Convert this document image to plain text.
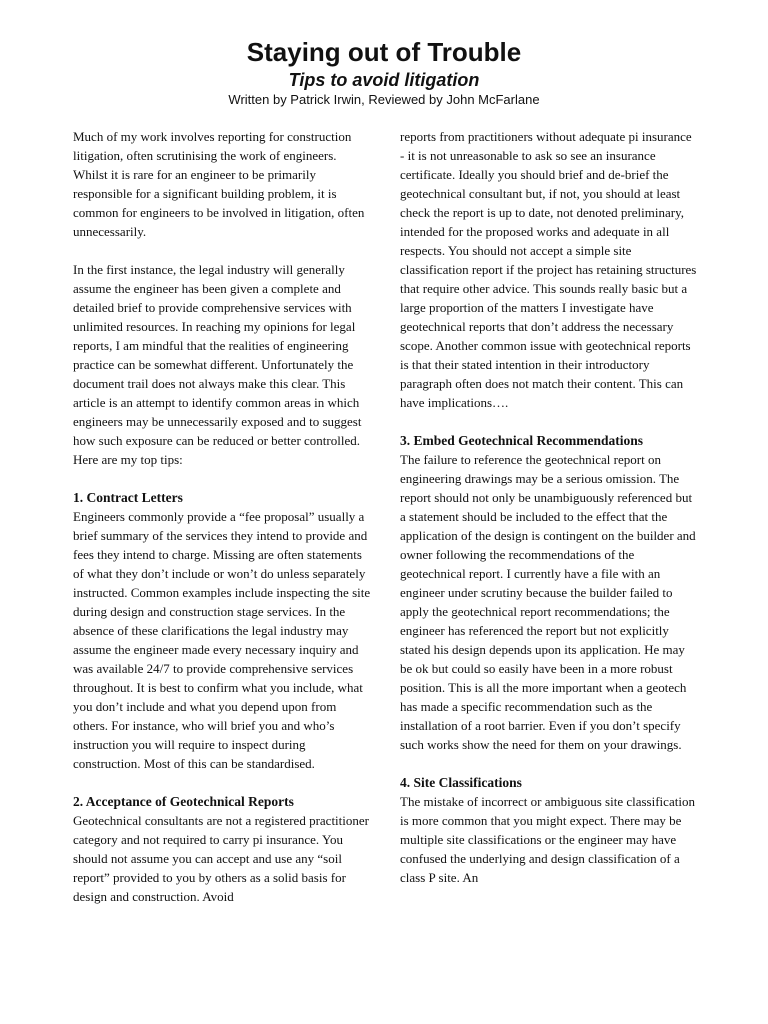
Staying out of Trouble

Tips to avoid litigation

Written by Patrick Irwin, Reviewed by John McFarlane

Much of my work involves reporting for construction litigation, often scrutinising the work of engineers. Whilst it is rare for an engineer to be primarily responsible for a significant building problem, it is common for engineers to be involved in litigation, often unnecessarily.

In the first instance, the legal industry will generally assume the engineer has been given a complete and detailed brief to provide comprehensive services with unlimited resources. In reaching my opinions for legal reports, I am mindful that the realities of engineering practice can be somewhat different. Unfortunately the document trail does not always make this clear. This article is an attempt to identify common areas in which engineers may be unnecessarily exposed and to suggest how such exposure can be reduced or better controlled. Here are my top tips:

1. Contract Letters

Engineers commonly provide a “fee proposal” usually a brief summary of the services they intend to provide and fees they intend to charge. Missing are often statements of what they don’t include or won’t do unless separately instructed. Common examples include inspecting the site during design and construction stage services. In the absence of these clarifications the legal industry may assume the engineer made every necessary inquiry and was available 24/7 to provide comprehensive services throughout. It is best to confirm what you include, what you don’t include and what you depend upon from others. For instance, who will brief you and who’s instruction you will require to inspect during construction. Most of this can be standardised.

2. Acceptance of Geotechnical Reports

Geotechnical consultants are not a registered practitioner category and not required to carry pi insurance. You should not assume you can accept and use any “soil report” provided to you by others as a solid basis for design and construction. Avoid

reports from practitioners without adequate pi insurance - it is not unreasonable to ask so see an insurance certificate. Ideally you should brief and de-brief the geotechnical consultant but, if not, you should at least check the report is up to date, not denoted preliminary, intended for the proposed works and adequate in all respects. You should not accept a simple site classification report if the project has retaining structures that require other advice. This sounds really basic but a large proportion of the matters I investigate have geotechnical reports that don’t address the necessary scope. Another common issue with geotechnical reports is that their stated intention in their introductory paragraph often does not match their content. This can have implications….

3. Embed Geotechnical Recommendations

The failure to reference the geotechnical report on engineering drawings may be a serious omission. The report should not only be unambiguously referenced but a statement should be included to the effect that the application of the design is contingent on the builder and owner following the recommendations of the geotechnical report. I currently have a file with an engineer under scrutiny because the builder failed to apply the geotechnical report recommendations; the engineer has referenced the report but not explicitly stated his design depends upon its application. He may be ok but could so easily have been in a more robust position. This is all the more important when a geotech has made a specific recommendation such as the installation of a root barrier. Even if you don’t specify such works show the need for them on your drawings.

4. Site Classifications

The mistake of incorrect or ambiguous site classification is more common that you might expect. There may be multiple site classifications or the engineer may have confused the underlying and design classification of a class P site. An
